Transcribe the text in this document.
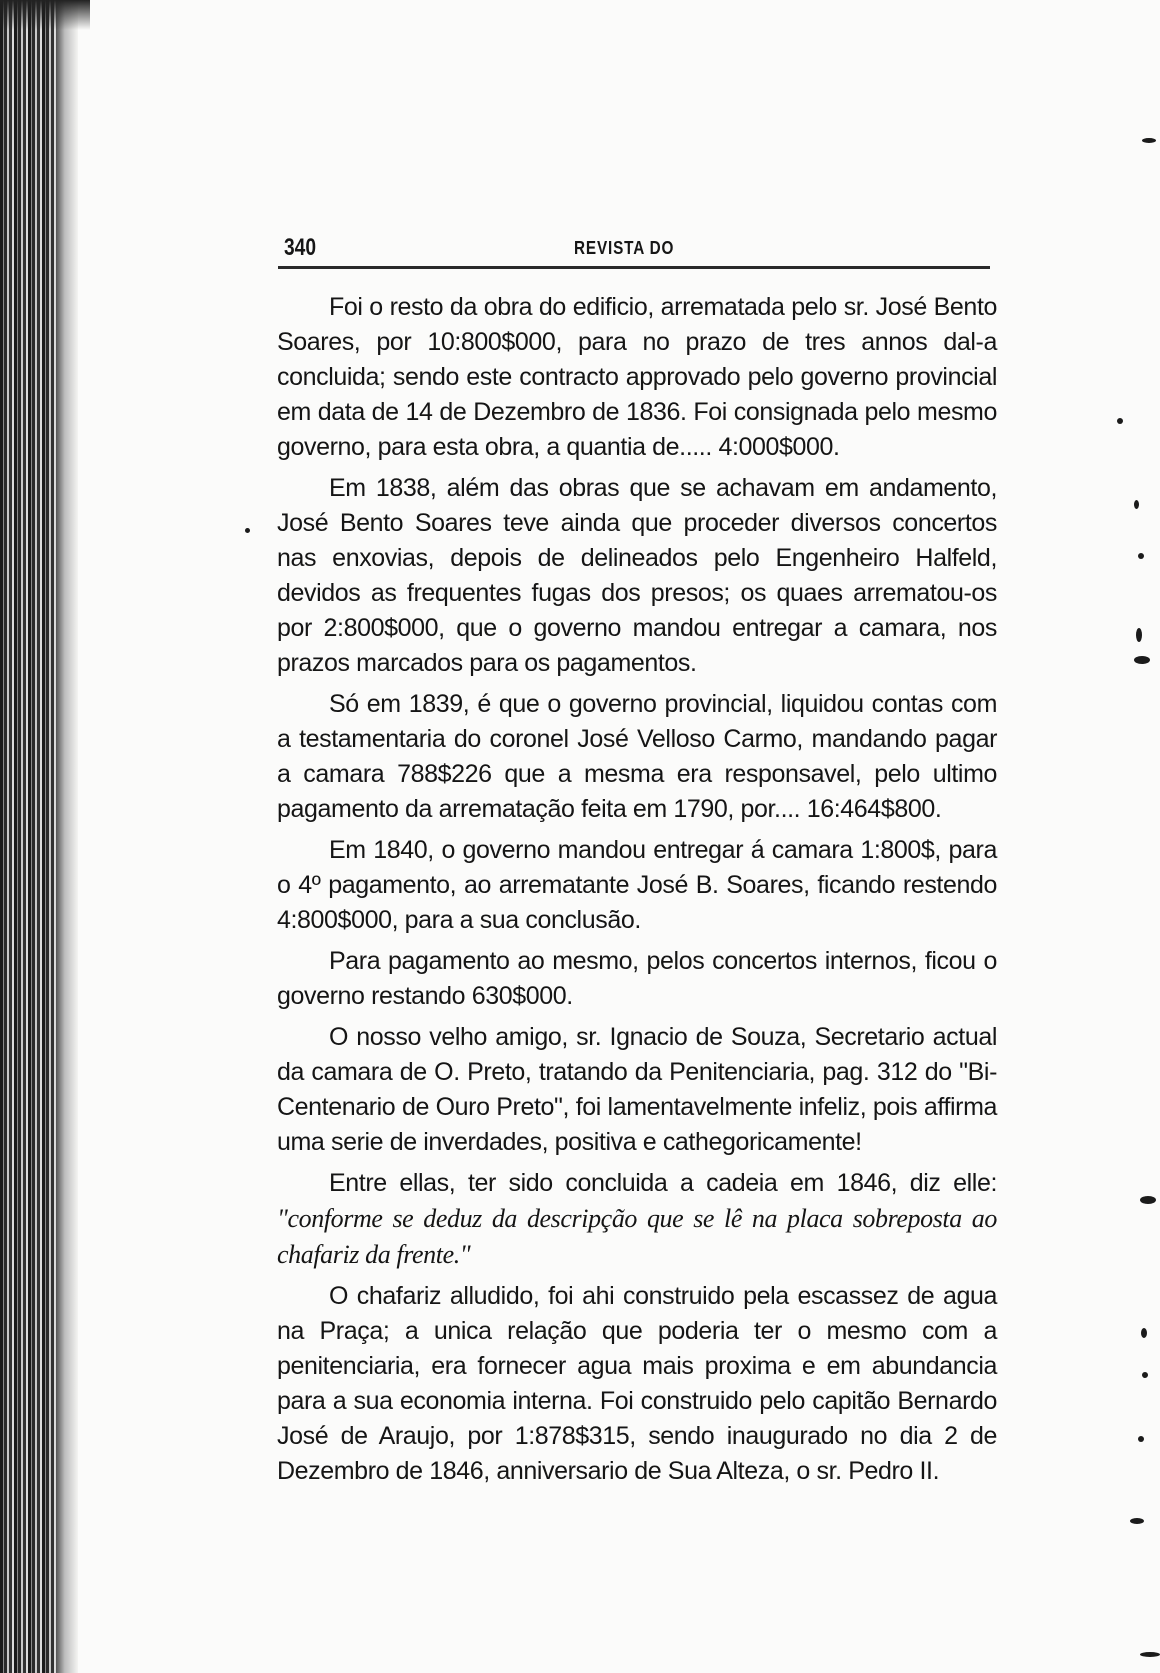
340	REVISTA DO

Foi o resto da obra do edificio, arrematada pelo sr. José Bento Soares, por 10:800$000, para no prazo de tres annos dal-a concluida; sendo este contracto approvado pelo governo provincial em data de 14 de Dezembro de 1836. Foi consignada pelo mesmo governo, para esta obra, a quantia de..... 4:000$000.

Em 1838, além das obras que se achavam em andamento, José Bento Soares teve ainda que proceder diversos concertos nas enxovias, depois de delineados pelo Engenheiro Halfeld, devidos as frequentes fugas dos presos; os quaes arrematou-os por 2:800$000, que o governo mandou entregar a camara, nos prazos marcados para os pagamentos.

Só em 1839, é que o governo provincial, liquidou contas com a testamentaria do coronel José Velloso Carmo, mandando pagar a camara 788$226 que a mesma era responsavel, pelo ultimo pagamento da arrematação feita em 1790, por.... 16:464$800.

Em 1840, o governo mandou entregar á camara 1:800$, para o 4º pagamento, ao arrematante José B. Soares, ficando restendo 4:800$000, para a sua conclusão.

Para pagamento ao mesmo, pelos concertos internos, ficou o governo restando 630$000.

O nosso velho amigo, sr. Ignacio de Souza, Secretario actual da camara de O. Preto, tratando da Penitenciaria, pag. 312 do "Bi-Centenario de Ouro Preto", foi lamentavelmente infeliz, pois affirma uma serie de inverdades, positiva e cathegoricamente!

Entre ellas, ter sido concluida a cadeia em 1846, diz elle: "conforme se deduz da descripção que se lê na placa sobreposta ao chafariz da frente."

O chafariz alludido, foi ahi construido pela escassez de agua na Praça; a unica relação que poderia ter o mesmo com a penitenciaria, era fornecer agua mais proxima e em abundancia para a sua economia interna. Foi construido pelo capitão Bernardo José de Araujo, por 1:878$315, sendo inaugurado no dia 2 de Dezembro de 1846, anniversario de Sua Alteza, o sr. Pedro II.
